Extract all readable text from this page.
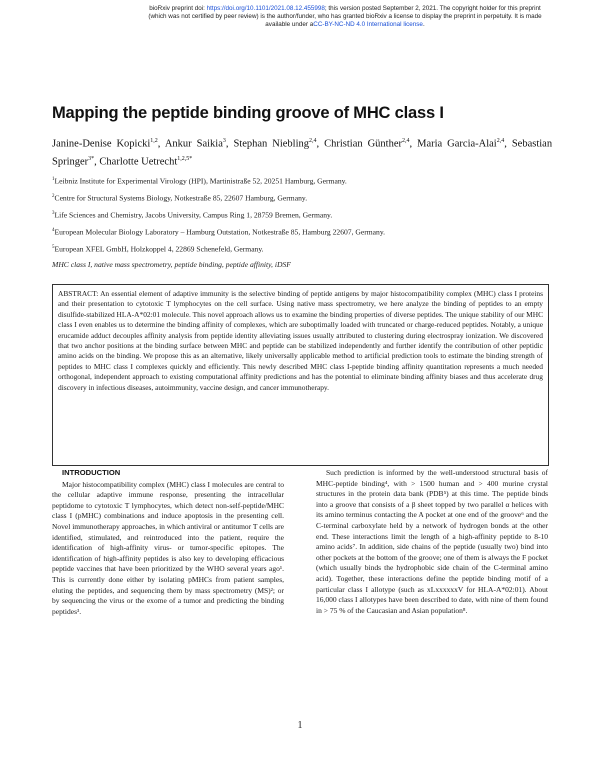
bioRxiv preprint doi: https://doi.org/10.1101/2021.08.12.455998; this version posted September 2, 2021. The copyright holder for this preprint
(which was not certified by peer review) is the author/funder, who has granted bioRxiv a license to display the preprint in perpetuity. It is made
available under aCC-BY-NC-ND 4.0 International license.
Mapping the peptide binding groove of MHC class I
Janine-Denise Kopicki$^{1,2}$, Ankur Saikia$^3$, Stephan Niebling$^{2,4}$, Christian Günther$^{2,4}$, Maria Garcia-Alai$^{2,4}$, Sebastian Springer$^{3*}$, Charlotte Uetrecht$^{1,2,5*}$
$^1$Leibniz Institute for Experimental Virology (HPI), Martinistraße 52, 20251 Hamburg, Germany.
$^2$Centre for Structural Systems Biology, Notkestraße 85, 22607 Hamburg, Germany.
$^3$Life Sciences and Chemistry, Jacobs University, Campus Ring 1, 28759 Bremen, Germany.
$^4$European Molecular Biology Laboratory – Hamburg Outstation, Notkestraße 85, Hamburg 22607, Germany.
$^5$European XFEL GmbH, Holzkoppel 4, 22869 Schenefeld, Germany.
MHC class I, native mass spectrometry, peptide binding, peptide affinity, iDSF
ABSTRACT: An essential element of adaptive immunity is the selective binding of peptide antigens by major histocompatibility complex (MHC) class I proteins and their presentation to cytotoxic T lymphocytes on the cell surface. Using native mass spectrometry, we here analyze the binding of peptides to an empty disulfide-stabilized HLA-A*02:01 molecule. This novel approach allows us to examine the binding properties of diverse peptides. The unique stability of our MHC class I even enables us to determine the binding affinity of complexes, which are suboptimally loaded with truncated or charge-reduced peptides. Notably, a unique erucamide adduct decouples affinity analysis from peptide identity alleviating issues usually attributed to clustering during electrospray ionization. We discovered that two anchor positions at the binding surface between MHC and peptide can be stabilized independently and further identify the contribution of other peptidic amino acids on the binding. We propose this as an alternative, likely universally applicable method to artificial prediction tools to estimate the binding strength of peptides to MHC class I complexes quickly and efficiently. This newly described MHC class I-peptide binding affinity quantitation represents a much needed orthogonal, independent approach to existing computational affinity predictions and has the potential to eliminate binding affinity biases and thus accelerate drug discovery in infectious diseases, autoimmunity, vaccine design, and cancer immunotherapy.
INTRODUCTION

Major histocompatibility complex (MHC) class I molecules are central to the cellular adaptive immune response, presenting the intracellular peptidome to cytotoxic T lymphocytes, which detect non-self-peptide/MHC class I (pMHC) combinations and induce apoptosis in the presenting cell. Novel immunotherapy approaches, in which antiviral or antitumor T cells are identified, stimulated, and reintroduced into the patient, require the identification of high-affinity virus- or tumor-specific epitopes. The identification of high-affinity peptides is also key to developing efficacious peptide vaccines that have been prioritized by the WHO several years ago¹. This is currently done either by isolating pMHCs from patient samples, eluting the peptides, and sequencing them by mass spectrometry (MS)²; or by sequencing the virus or the exome of a tumor and predicting the binding peptides³.

Such prediction is informed by the well-understood structural basis of MHC-peptide binding⁴, with > 1500 human and > 400 murine crystal structures in the protein data bank (PDB⁵) at this time. The peptide binds into a groove that consists of a β sheet topped by two parallel α helices with its amino terminus contacting the A pocket at one end of the groove⁶ and the C-terminal carboxylate held by a network of hydrogen bonds at the other end. These interactions limit the length of a high-affinity peptide to 8-10 amino acids⁷. In addition, side chains of the peptide (usually two) bind into other pockets at the bottom of the groove; one of them is always the F pocket (which usually binds the hydrophobic side chain of the C-terminal amino acid). Together, these interactions define the peptide binding motif of a particular class I allotype (such as xLxxxxxxV for HLA-A*02:01). About 16,000 class I allotypes have been described to date, with nine of them found in > 75 % of the Caucasian and Asian population⁸.

1
